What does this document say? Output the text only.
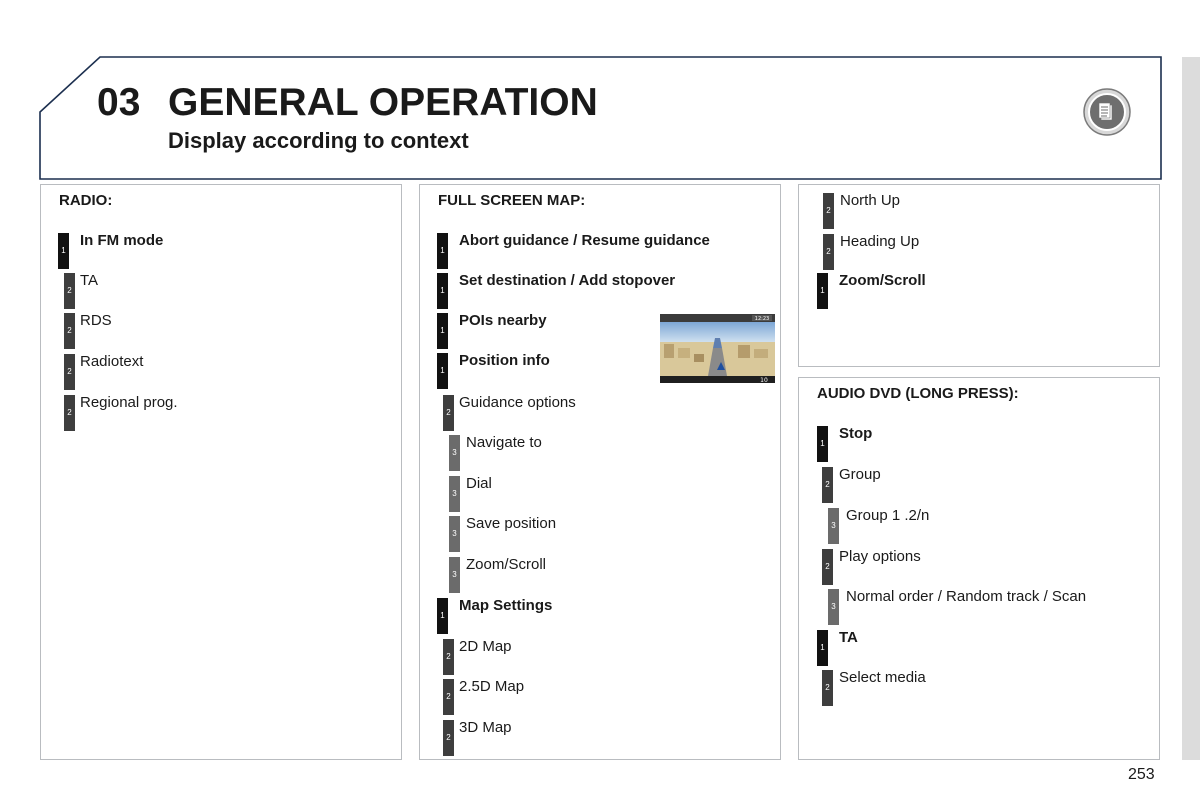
03 GENERAL OPERATION
Display according to context
RADIO:
1
In FM mode
2
TA
2
RDS
2
Radiotext
2
Regional prog.
FULL SCREEN MAP:
1
Abort guidance / Resume guidance
1
Set destination / Add stopover
1
POIs nearby
1
Position info
2
Guidance options
3
Navigate to
3
Dial
3
Save position
3
Zoom/Scroll
1
Map Settings
2
2D Map
2
2.5D Map
2
3D Map
12:23
10
2
North Up
2
Heading Up
1
Zoom/Scroll
AUDIO DVD (LONG PRESS):
1
Stop
2
Group
3
Group 1 .2/n
2
Play options
3
Normal order / Random track / Scan
1
TA
2
Select media
253
